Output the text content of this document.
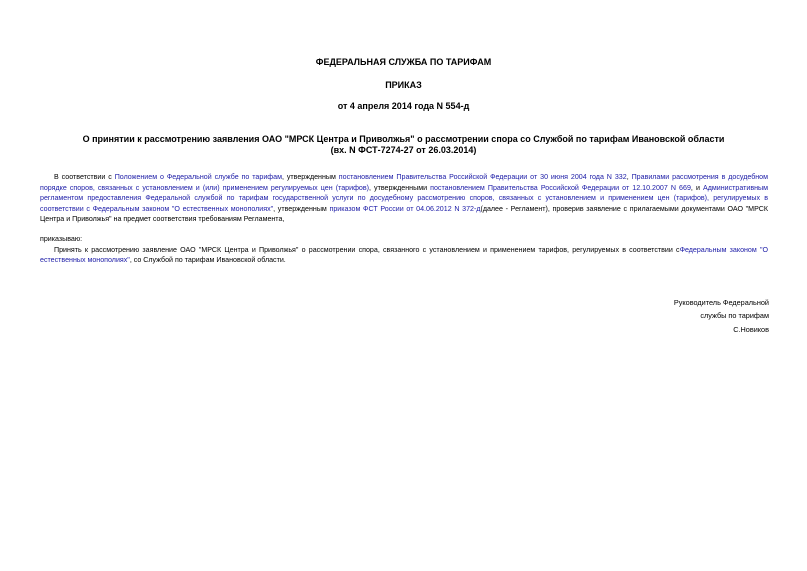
ФЕДЕРАЛЬНАЯ СЛУЖБА ПО ТАРИФАМ
ПРИКАЗ
от 4 апреля 2014 года N 554-д
О принятии к рассмотрению заявления ОАО "МРСК Центра и Приволжья" о рассмотрении спора со Службой по тарифам Ивановской области
(вх. N ФСТ-7274-27 от 26.03.2014)

В соответствии с Положением о Федеральной службе по тарифам, утвержденным постановлением Правительства Российской Федерации от 30 июня 2004 года N 332, Правилами рассмотрения в досудебном порядке споров, связанных с установлением и (или) применением регулируемых цен (тарифов), утвержденными постановлением Правительства Российской Федерации от 12.10.2007 N 669, и Административным регламентом предоставления Федеральной службой по тарифам государственной услуги по досудебному рассмотрению споров, связанных с установлением и применением цен (тарифов), регулируемых в соответствии с Федеральным законом "О естественных монополиях", утвержденным приказом ФСТ России от 04.06.2012 N 372-д(далее - Регламент), проверив заявление с прилагаемыми документами ОАО "МРСК Центра и Приволжья" на предмет соответствия требованиям Регламента,

приказываю:

Принять к рассмотрению заявление ОАО "МРСК Центра и Приволжья" о рассмотрении спора, связанного с установлением и применением тарифов, регулируемых в соответствии сФедеральным законом "О естественных монополиях", со Службой по тарифам Ивановской области.

Руководитель Федеральной
службы по тарифам
С.Новиков
